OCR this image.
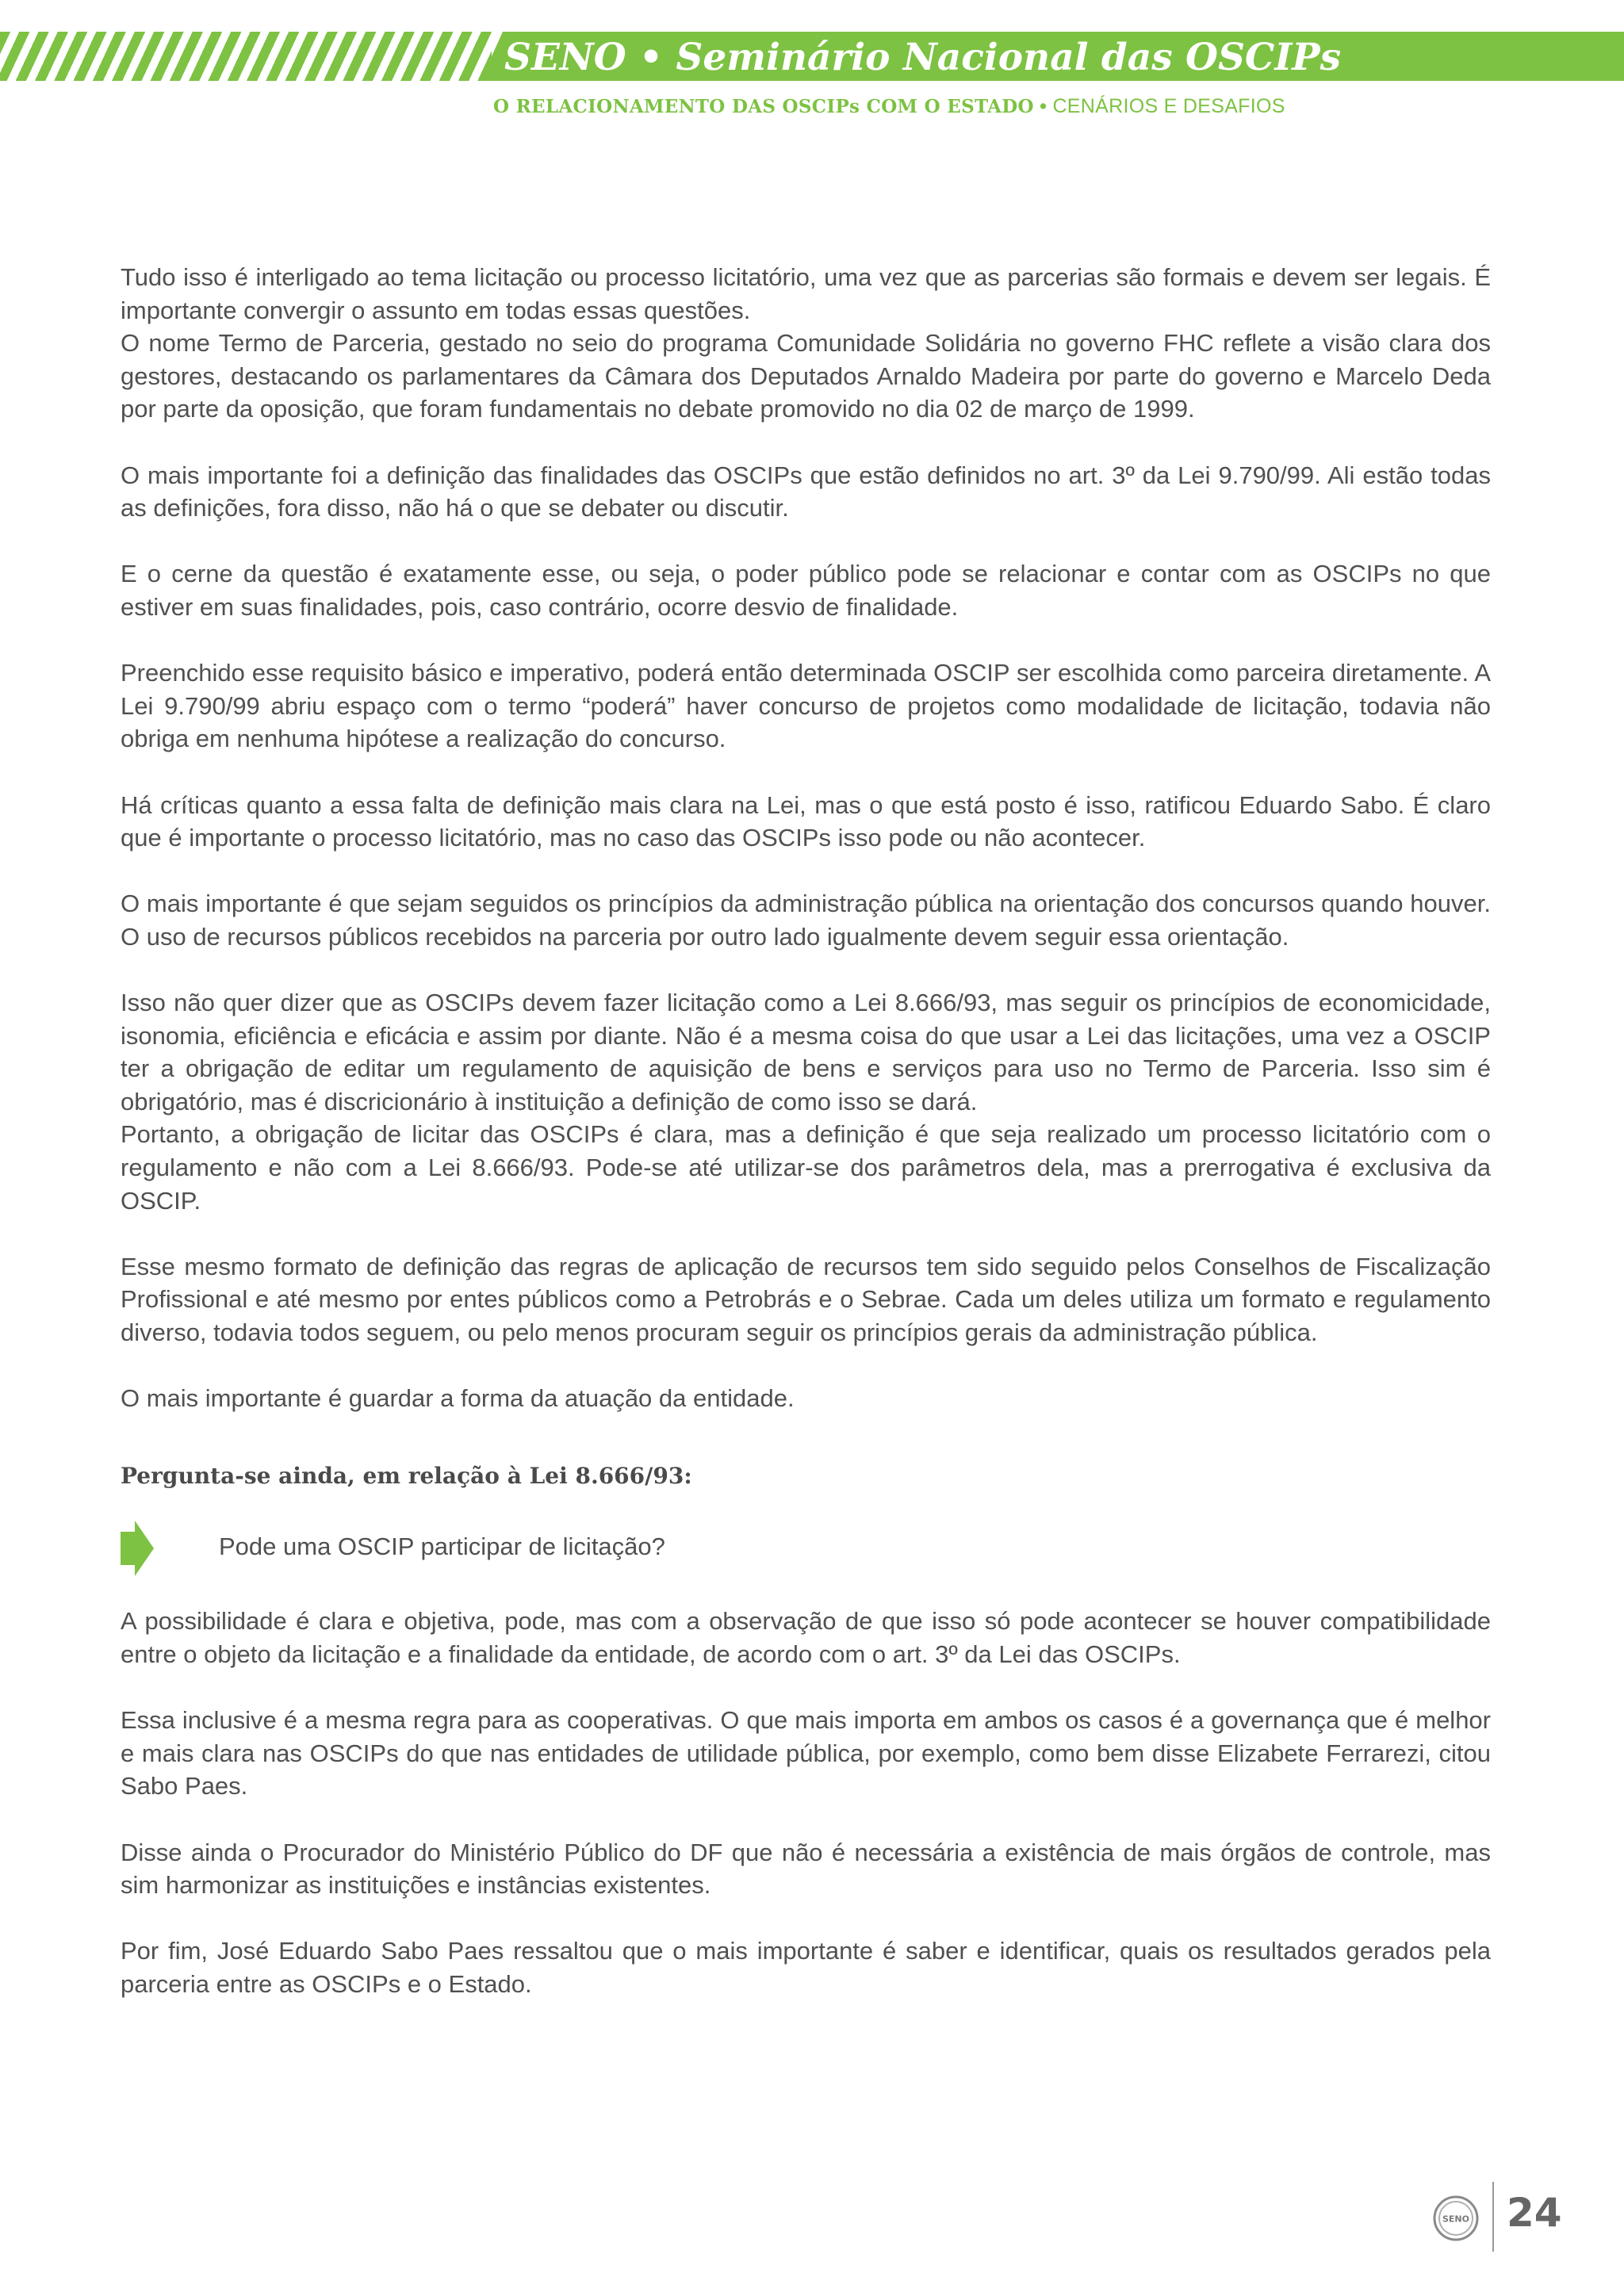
SENO • Seminário Nacional das OSCIPs
O RELACIONAMENTO DAS OSCIPs COM O ESTADO • CENÁRIOS E DESAFIOS

Tudo isso é interligado ao tema licitação ou processo licitatório, uma vez que as parcerias são formais e devem ser legais. É importante convergir o assunto em todas essas questões.

O nome Termo de Parceria, gestado no seio do programa Comunidade Solidária no governo FHC reflete a visão clara dos gestores, destacando os parlamentares da Câmara dos Deputados Arnaldo Madeira por parte do governo e Marcelo Deda por parte da oposição, que foram fundamentais no debate promovido no dia 02 de março de 1999.

O mais importante foi a definição das finalidades das OSCIPs que estão definidos no art. 3º da Lei 9.790/99. Ali estão todas as definições, fora disso, não há o que se debater ou discutir.

E o cerne da questão é exatamente esse, ou seja, o poder público pode se relacionar e contar com as OSCIPs no que estiver em suas finalidades, pois, caso contrário, ocorre desvio de finalidade.

Preenchido esse requisito básico e imperativo, poderá então determinada OSCIP ser escolhida como parceira diretamente. A Lei 9.790/99 abriu espaço com o termo “poderá” haver concurso de projetos como modalidade de licitação, todavia não obriga em nenhuma hipótese a realização do concurso.

Há críticas quanto a essa falta de definição mais clara na Lei, mas o que está posto é isso, ratificou Eduardo Sabo. É claro que é importante o processo licitatório, mas no caso das OSCIPs isso pode ou não acontecer.

O mais importante é que sejam seguidos os princípios da administração pública na orientação dos concursos quando houver. O uso de recursos públicos recebidos na parceria por outro lado igualmente devem seguir essa orientação.

Isso não quer dizer que as OSCIPs devem fazer licitação como a Lei 8.666/93, mas seguir os princípios de economicidade, isonomia, eficiência e eficácia e assim por diante. Não é a mesma coisa do que usar a Lei das licitações, uma vez a OSCIP ter a obrigação de editar um regulamento de aquisição de bens e serviços para uso no Termo de Parceria. Isso sim é obrigatório, mas é discricionário à instituição a definição de como isso se dará.

Portanto, a obrigação de licitar das OSCIPs é clara, mas a definição é que seja realizado um processo licitatório com o regulamento e não com a Lei 8.666/93. Pode-se até utilizar-se dos parâmetros dela, mas a prerrogativa é exclusiva da OSCIP.

Esse mesmo formato de definição das regras de aplicação de recursos tem sido seguido pelos Conselhos de Fiscalização Profissional e até mesmo por entes públicos como a Petrobrás e o Sebrae. Cada um deles utiliza um formato e regulamento diverso, todavia todos seguem, ou pelo menos procuram seguir os princípios gerais da administração pública.

O mais importante é guardar a forma da atuação da entidade.

Pergunta-se ainda, em relação à Lei 8.666/93:
Pode uma OSCIP participar de licitação?

A possibilidade é clara e objetiva, pode, mas com a observação de que isso só pode acontecer se houver compatibilidade entre o objeto da licitação e a finalidade da entidade, de acordo com o art. 3º da Lei das OSCIPs.

Essa inclusive é a mesma regra para as cooperativas. O que mais importa em ambos os casos é a governança que é melhor e mais clara nas OSCIPs do que nas entidades de utilidade pública, por exemplo, como bem disse Elizabete Ferrarezi, citou Sabo Paes.

Disse ainda o Procurador do Ministério Público do DF que não é necessária a existência de mais órgãos de controle, mas sim harmonizar as instituições e instâncias existentes.

Por fim, José Eduardo Sabo Paes ressaltou que o mais importante é saber e identificar, quais os resultados gerados pela parceria entre as OSCIPs e o Estado.

SENO 24
